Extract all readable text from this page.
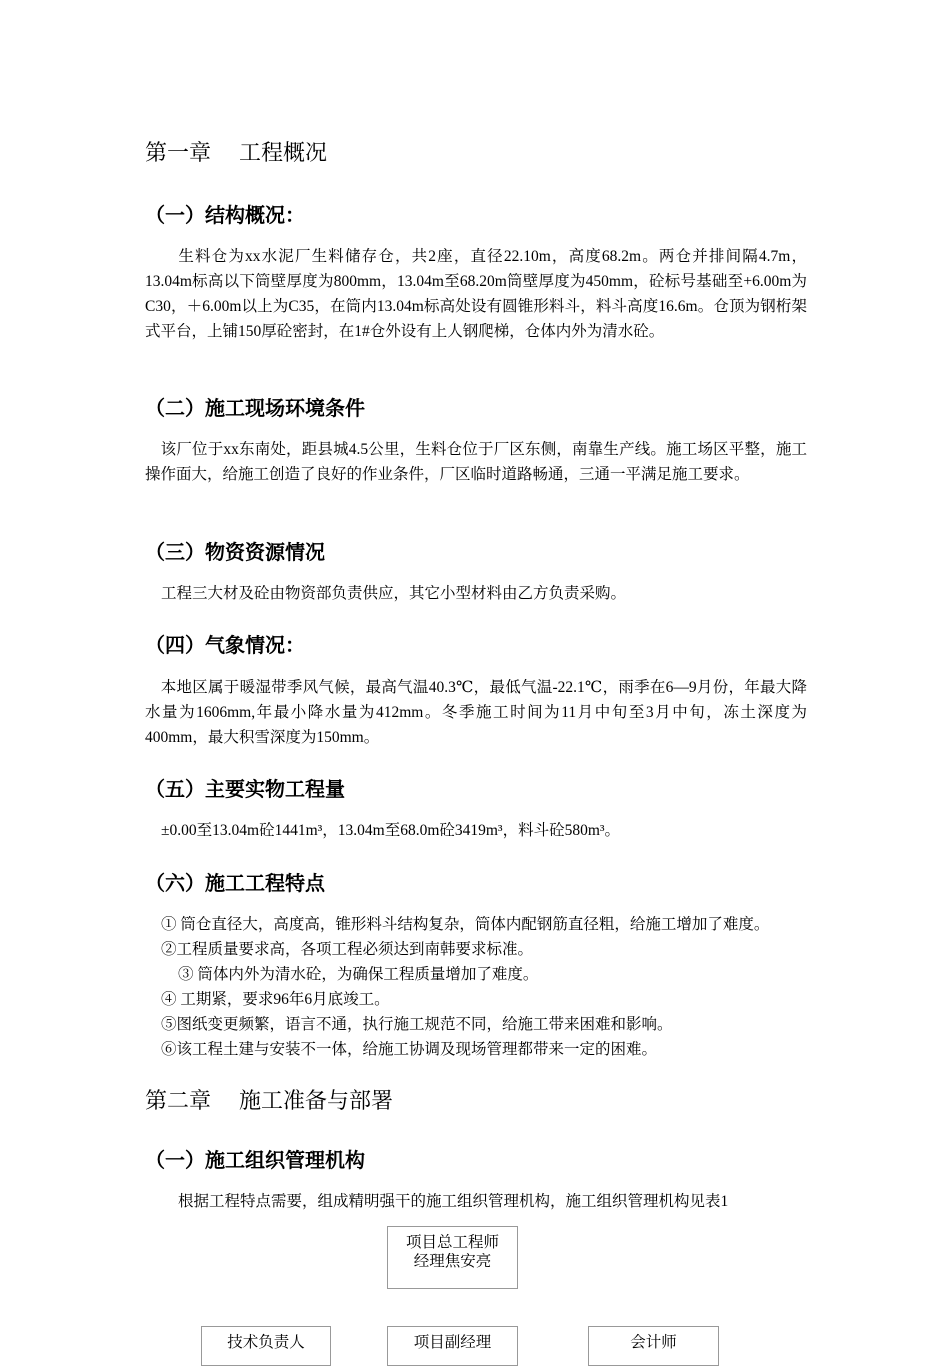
第一章    工程概况
（一）结构概况：

　　生料仓为xx水泥厂生料储存仓，共2座，直径22.10m，高度68.2m。两仓并排间隔4.7m，13.04m标高以下筒壁厚度为800mm，13.04m至68.20m筒壁厚度为450mm，砼标号基础至+6.00m为C30，＋6.00m以上为C35，在筒内13.04m标高处设有圆锥形料斗，料斗高度16.6m。仓顶为钢桁架式平台，上铺150厚砼密封，在1#仓外设有上人钢爬梯，仓体内外为清水砼。

（二）施工现场环境条件

　该厂位于xx东南处，距县城4.5公里，生料仓位于厂区东侧，南靠生产线。施工场区平整，施工操作面大，给施工创造了良好的作业条件，厂区临时道路畅通，三通一平满足施工要求。

（三）物资资源情况

工程三大材及砼由物资部负责供应，其它小型材料由乙方负责采购。

（四）气象情况：

　本地区属于暖湿带季风气候，最高气温40.3℃，最低气温-22.1℃，雨季在6—9月份，年最大降水量为1606mm,年最小降水量为412mm。冬季施工时间为11月中旬至3月中旬，冻土深度为400mm，最大积雪深度为150mm。

（五）主要实物工程量

±0.00至13.04m砼1441m³，13.04m至68.0m砼3419m³，料斗砼580m³。

（六）施工工程特点

① 筒仓直径大，高度高，锥形料斗结构复杂，筒体内配钢筋直径粗，给施工增加了难度。

②工程质量要求高，各项工程必须达到南韩要求标准。

③ 筒体内外为清水砼，为确保工程质量增加了难度。

④ 工期紧，要求96年6月底竣工。

⑤图纸变更频繁，语言不通，执行施工规范不同，给施工带来困难和影响。

⑥该工程土建与安装不一体，给施工协调及现场管理都带来一定的困难。

第二章    施工准备与部署
（一）施工组织管理机构

根据工程特点需要，组成精明强干的施工组织管理机构，施工组织管理机构见表1

项目总工程师
经理焦安亮
技术负责人	项目副经理	会计师
